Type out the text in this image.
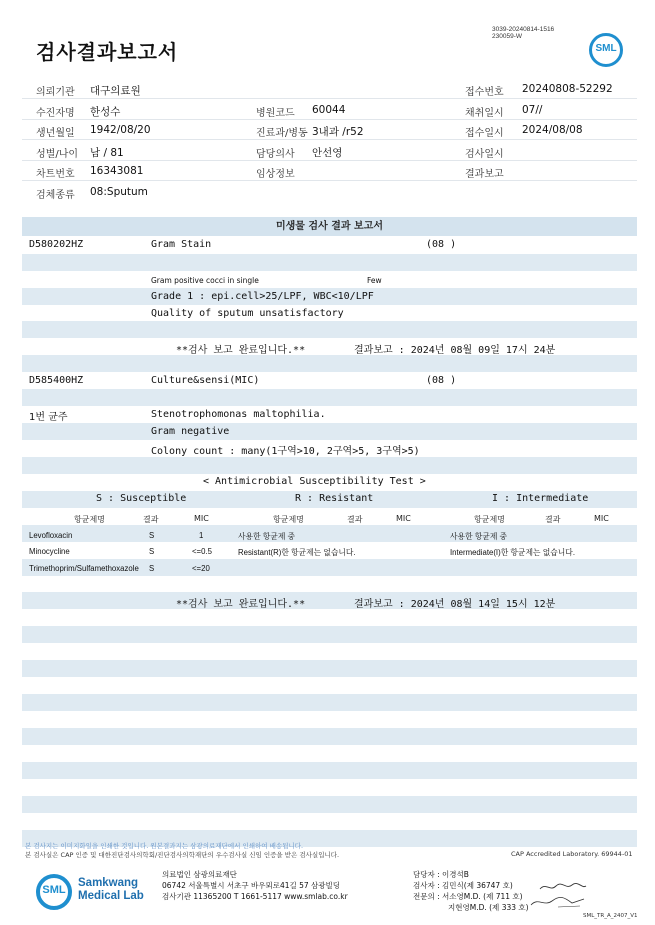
검사결과보고서
3039-20240814-1516
230059-W
SML
의뢰기관 대구의료원	접수번호 20240808-52292
수진자명 한성수	병원코드 60044	채취일시 07//
생년월일 1942/08/20	진료과/병동 3내과 /r52	접수일시 2024/08/08
성별/나이 남 / 81	담당의사 안선영	검사일시
차트번호 16343081	임상정보	결과보고
검체종류 08:Sputum
미생물 검사 결과 보고서
D580202HZ	Gram Stain	(08 )
Gram positive cocci in single	Few
Grade 1 : epi.cell>25/LPF, WBC<10/LPF
Quality of sputum unsatisfactory
**검사 보고 완료입니다.**	결과보고 : 2024년 08월 09일 17시 24분
D585400HZ	Culture&sensi(MIC)	(08 )
1번 균주	Stenotrophomonas maltophilia.
Gram negative
Colony count : many(1구역>10, 2구역>5, 3구역>5)
< Antimicrobial Susceptibility Test >
S : Susceptible	R : Resistant	I : Intermediate
항균제명	결과	MIC	항균제명	결과	MIC	항균제명	결과	MIC
Levofloxacin	S	1	사용한 항균제 중	사용한 항균제 중
Minocycline	S	<=0.5	Resistant(R)한 항균제는 없습니다.	Intermediate(I)한 항균제는 없습니다.
Trimethoprim/Sulfamethoxazole S	<=20
**검사 보고 완료입니다.**	결과보고 : 2024년 08월 14일 15시 12분
본 검사지는 이미지화일을 인쇄한 것입니다. 원본결과지는 삼광의료재단에서 인쇄하여 배송됩니다.
본 검사실은 CAP 인증 및 대한진단검사의학회/진단검사의학재단의 우수검사실 신임 인증을 받은 검사실입니다.	CAP Accredited Laboratory. 69944-01
SML
Samkwang
Medical Lab
의료법인 삼광의료재단
06742 서울특별시 서초구 바우뫼로41길 57 삼광빌딩
검사기관 11365200 T 1661-5117 www.smlab.co.kr
담당자 : 이경석B
검사자 : 김민식(제 36747 호)
전문의 : 서소영M.D. (제 711 호)
지현영M.D. (제 333 호)
SML_TR_A_2407_V1
